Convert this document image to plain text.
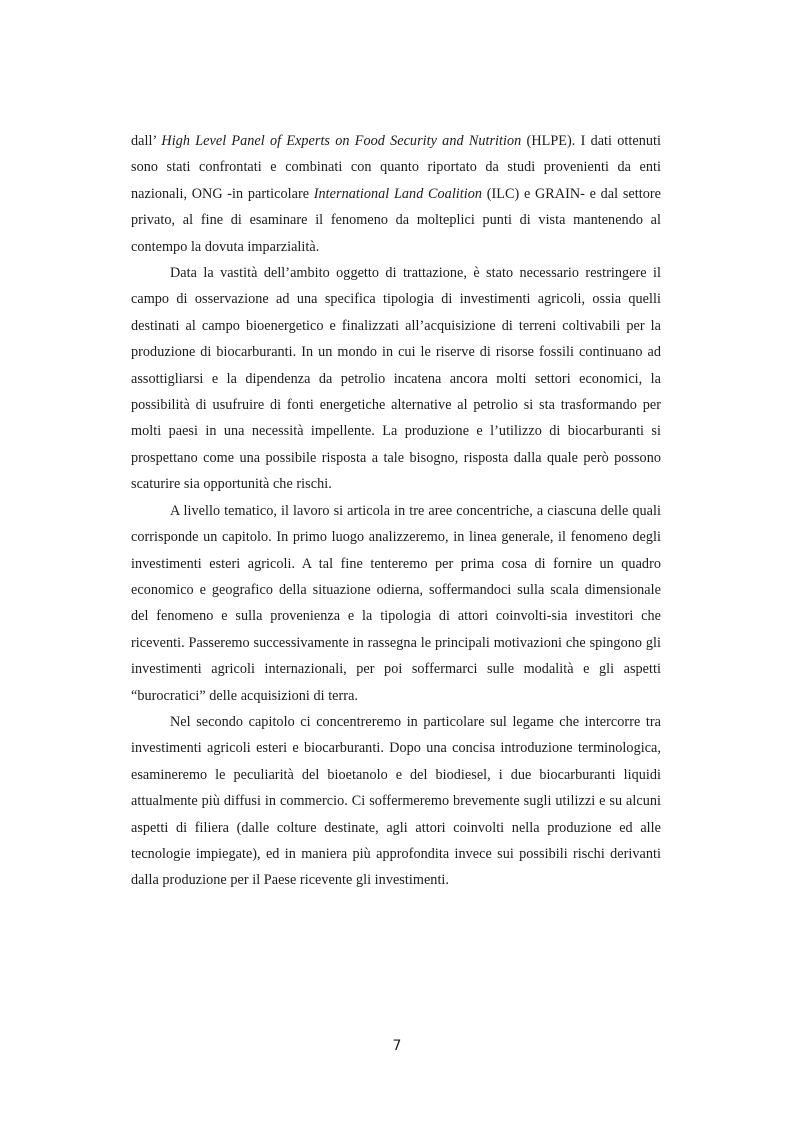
dall’ High Level Panel of Experts on Food Security and Nutrition (HLPE). I dati ottenuti sono stati confrontati e combinati con quanto riportato da studi provenienti da enti nazionali, ONG -in particolare International Land Coalition (ILC) e GRAIN- e dal settore privato, al fine di esaminare il fenomeno da molteplici punti di vista mantenendo al contempo la dovuta imparzialità.

Data la vastità dell’ambito oggetto di trattazione, è stato necessario restringere il campo di osservazione ad una specifica tipologia di investimenti agricoli, ossia quelli destinati al campo bioenergetico e finalizzati all’acquisizione di terreni coltivabili per la produzione di biocarburanti. In un mondo in cui le riserve di risorse fossili continuano ad assottigliarsi e la dipendenza da petrolio incatena ancora molti settori economici, la possibilità di usufruire di fonti energetiche alternative al petrolio si sta trasformando per molti paesi in una necessità impellente. La produzione e l’utilizzo di biocarburanti si prospettano come una possibile risposta a tale bisogno, risposta dalla quale però possono scaturire sia opportunità che rischi.

A livello tematico, il lavoro si articola in tre aree concentriche, a ciascuna delle quali corrisponde un capitolo. In primo luogo analizzeremo, in linea generale, il fenomeno degli investimenti esteri agricoli. A tal fine tenteremo per prima cosa di fornire un quadro economico e geografico della situazione odierna, soffermandoci sulla scala dimensionale del fenomeno e sulla provenienza e la tipologia di attori coinvolti-sia investitori che riceventi. Passeremo successivamente in rassegna le principali motivazioni che spingono gli investimenti agricoli internazionali, per poi soffermarci sulle modalità e gli aspetti “burocratici” delle acquisizioni di terra.

Nel secondo capitolo ci concentreremo in particolare sul legame che intercorre tra investimenti agricoli esteri e biocarburanti. Dopo una concisa introduzione terminologica, esamineremo le peculiarità del bioetanolo e del biodiesel, i due biocarburanti liquidi attualmente più diffusi in commercio. Ci soffermeremo brevemente sugli utilizzi e su alcuni aspetti di filiera (dalle colture destinate, agli attori coinvolti nella produzione ed alle tecnologie impiegate), ed in maniera più approfondita invece sui possibili rischi derivanti dalla produzione per il Paese ricevente gli investimenti.

7
